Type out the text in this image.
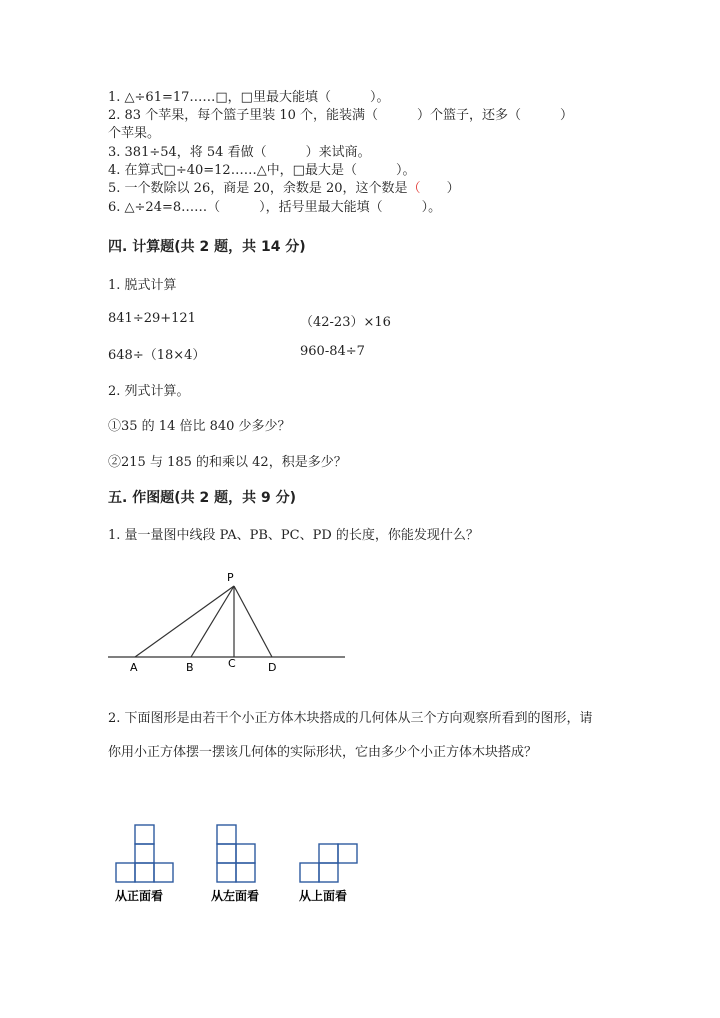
1. △÷61=17……□，□里最大能填（　　　）。
2. 83 个苹果，每个篮子里装 10 个，能装满（　　　）个篮子，还多（　　　）
个苹果。
3. 381÷54，将 54 看做（　　　）来试商。
4. 在算式□÷40=12……△中，□最大是（　　　）。
5. 一个数除以 26，商是 20，余数是 20，这个数是（　　）
6. △÷24=8……（　　　），括号里最大能填（　　　）。
四. 计算题(共 2 题，共 14 分)
1. 脱式计算
841÷29+121	（42-23）×16
648÷（18×4）	960-84÷7
2. 列式计算。
①35 的 14 倍比 840 少多少？
②215 与 185 的和乘以 42，积是多少？
五. 作图题(共 2 题，共 9 分)
1. 量一量图中线段 PA、PB、PC、PD 的长度，你能发现什么？
P
A	B	C	D
2. 下面图形是由若干个小正方体木块搭成的几何体从三个方向观察所看到的图形，请你用小正方体摆一摆该几何体的实际形状，它由多少个小正方体木块搭成？
从正面看	从左面看	从上面看
